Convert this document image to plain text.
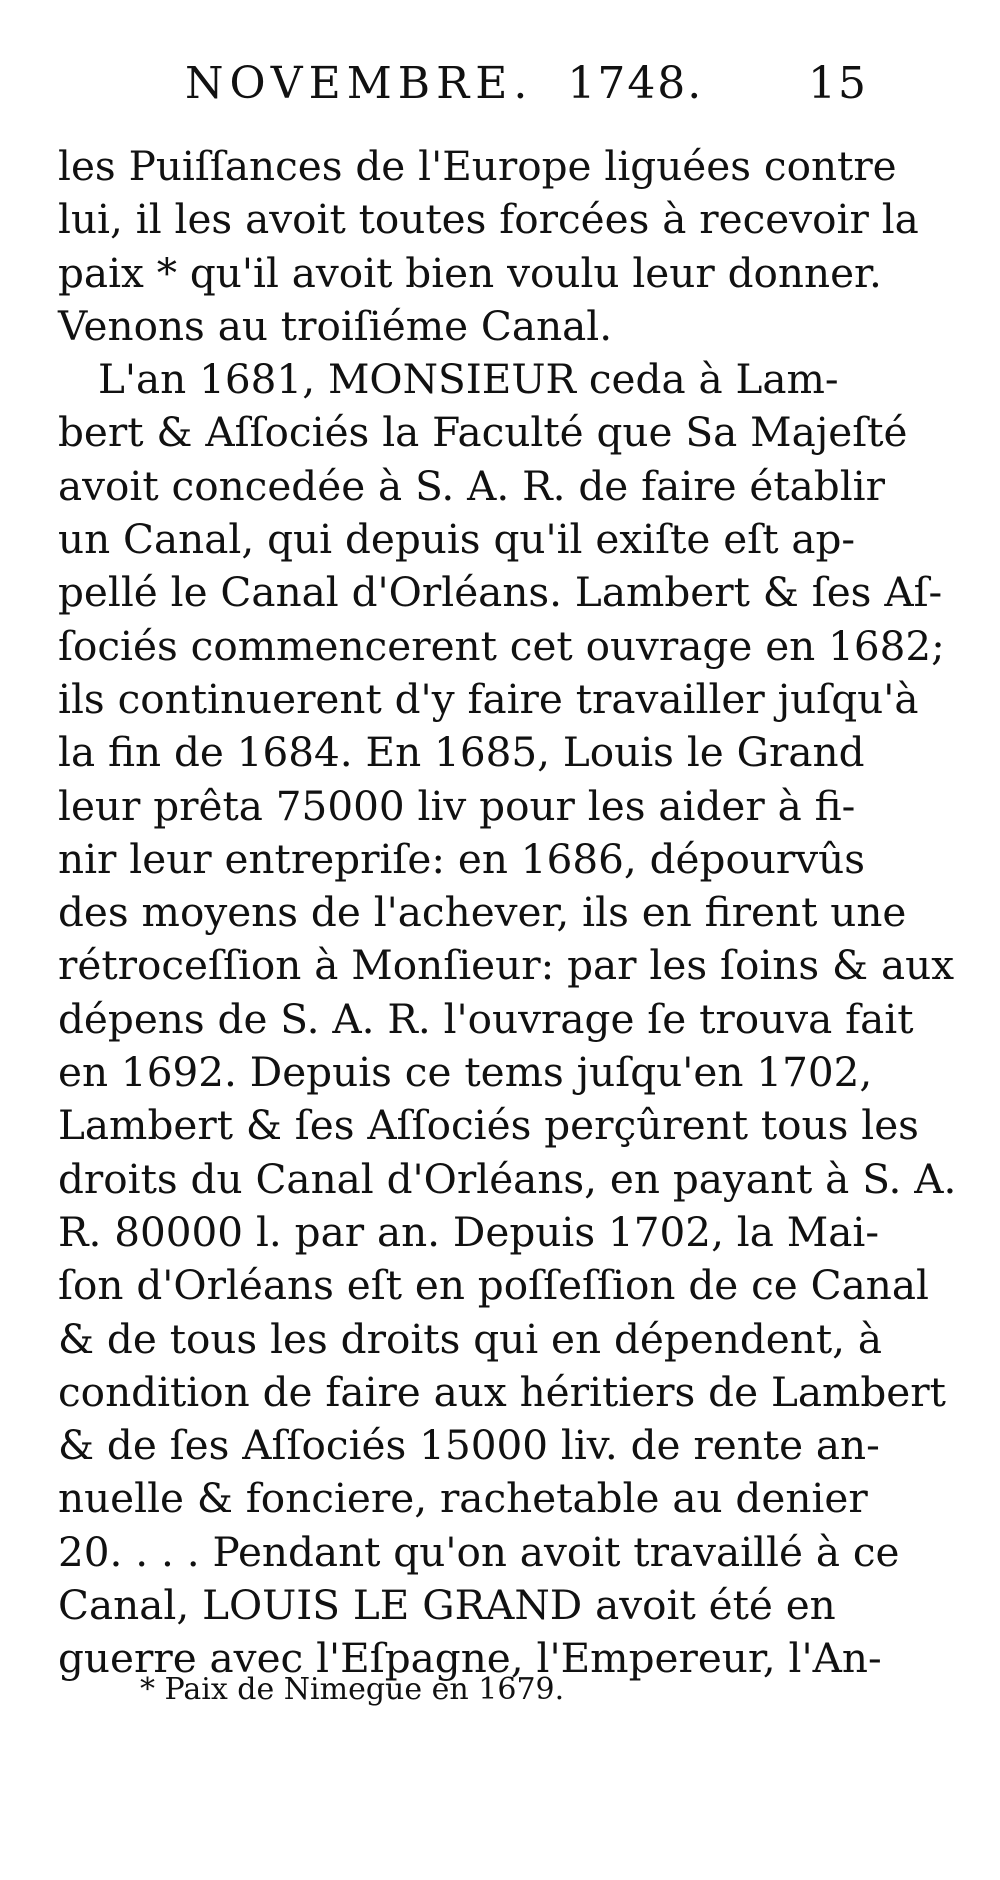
NOVEMBRE. 1748. 15
les Puiſſances de l'Europe liguées contre
lui, il les avoit toutes forcées à recevoir la
paix * qu'il avoit bien voulu leur donner.
Venons au troiſiéme Canal.
L'an 1681, MONSIEUR ceda à Lam-
bert & Aſſociés la Faculté que Sa Majeſté
avoit concedée à S. A. R. de faire établir
un Canal, qui depuis qu'il exiſte eſt ap-
pellé le Canal d'Orléans. Lambert & ſes Aſ-
ſociés commencerent cet ouvrage en 1682;
ils continuerent d'y faire travailler juſqu'à
la fin de 1684. En 1685, Louis le Grand
leur prêta 75000 liv pour les aider à fi-
nir leur entrepriſe: en 1686, dépourvûs
des moyens de l'achever, ils en firent une
rétroceſſion à Monſieur: par les ſoins & aux
dépens de S. A. R. l'ouvrage ſe trouva fait
en 1692. Depuis ce tems juſqu'en 1702,
Lambert & ſes Aſſociés perçûrent tous les
droits du Canal d'Orléans, en payant à S. A.
R. 80000 l. par an. Depuis 1702, la Mai-
ſon d'Orléans eſt en poſſeſſion de ce Canal
& de tous les droits qui en dépendent, à
condition de faire aux héritiers de Lambert
& de ſes Aſſociés 15000 liv. de rente an-
nuelle & fonciere, rachetable au denier
20. . . . Pendant qu'on avoit travaillé à ce
Canal, LOUIS LE GRAND avoit été en
guerre avec l'Eſpagne, l'Empereur, l'An-
* Paix de Nimegue en 1679.
